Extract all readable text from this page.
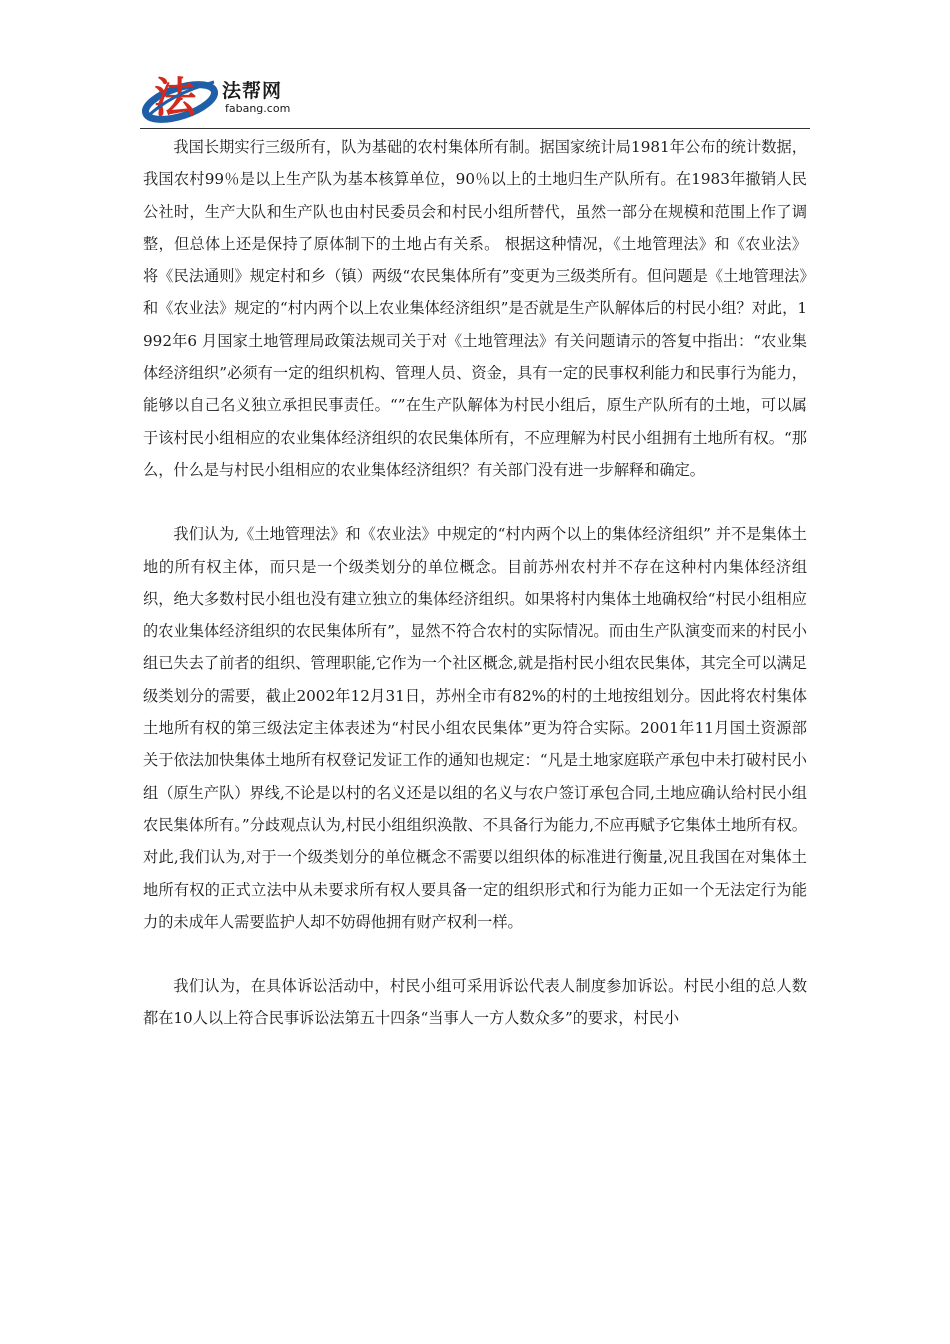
法 法帮网
fabang.com

我国长期实行三级所有，队为基础的农村集体所有制。据国家统计局1981年公布的统计数据，我国农村99％是以上生产队为基本核算单位，90％以上的土地归生产队所有。在1983年撤销人民公社时，生产大队和生产队也由村民委员会和村民小组所替代，虽然一部分在规模和范围上作了调整，但总体上还是保持了原体制下的土地占有关系。 根据这种情况，《土地管理法》和《农业法》将《民法通则》规定村和乡（镇）两级“农民集体所有”变更为三级类所有。但问题是《土地管理法》和《农业法》规定的“村内两个以上农业集体经济组织”是否就是生产队解体后的村民小组？对此，1992年6 月国家土地管理局政策法规司关于对《土地管理法》有关问题请示的答复中指出：“农业集体经济组织”必须有一定的组织机构、管理人员、资金，具有一定的民事权利能力和民事行为能力，能够以自己名义独立承担民事责任。“”在生产队解体为村民小组后，原生产队所有的土地，可以属于该村民小组相应的农业集体经济组织的农民集体所有，不应理解为村民小组拥有土地所有权。“那么，什么是与村民小组相应的农业集体经济组织？有关部门没有进一步解释和确定。

我们认为,《土地管理法》和《农业法》中规定的“村内两个以上的集体经济组织” 并不是集体土地的所有权主体，而只是一个级类划分的单位概念。目前苏州农村并不存在这种村内集体经济组织，绝大多数村民小组也没有建立独立的集体经济组织。如果将村内集体土地确权给“村民小组相应的农业集体经济组织的农民集体所有”，显然不符合农村的实际情况。而由生产队演变而来的村民小组已失去了前者的组织、管理职能,它作为一个社区概念,就是指村民小组农民集体，其完全可以满足级类划分的需要，截止2002年12月31日，苏州全市有82%的村的土地按组划分。因此将农村集体土地所有权的第三级法定主体表述为“村民小组农民集体”更为符合实际。2001年11月国土资源部关于依法加快集体土地所有权登记发证工作的通知也规定：“凡是土地家庭联产承包中未打破村民小组（原生产队）界线,不论是以村的名义还是以组的名义与农户签订承包合同,土地应确认给村民小组农民集体所有。”分歧观点认为,村民小组组织涣散、不具备行为能力,不应再赋予它集体土地所有权。对此,我们认为,对于一个级类划分的单位概念不需要以组织体的标准进行衡量,况且我国在对集体土地所有权的正式立法中从未要求所有权人要具备一定的组织形式和行为能力正如一个无法定行为能力的未成年人需要监护人却不妨碍他拥有财产权利一样。

我们认为，在具体诉讼活动中，村民小组可采用诉讼代表人制度参加诉讼。村民小组的总人数都在10人以上符合民事诉讼法第五十四条“当事人一方人数众多”的要求，村民小
